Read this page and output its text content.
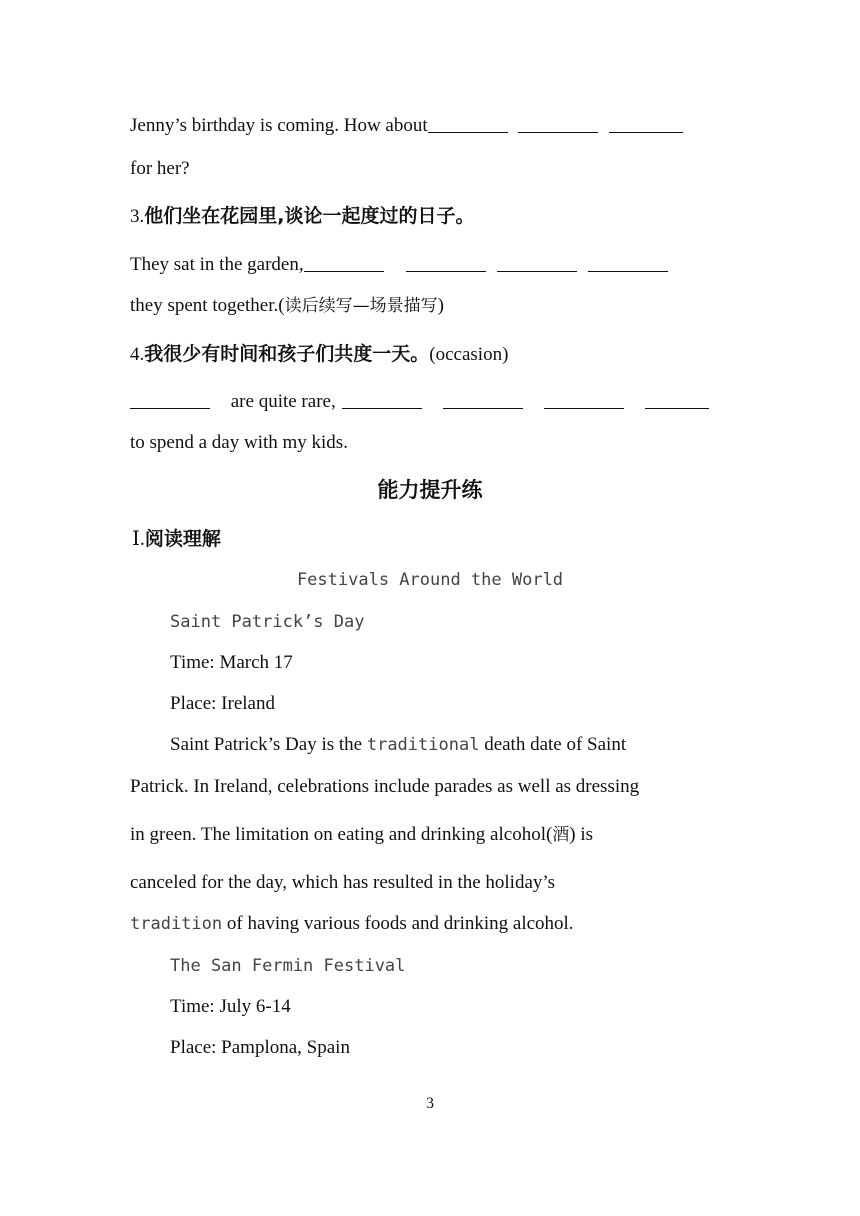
Jenny’s birthday is coming. How about
for her?
3.他们坐在花园里,谈论一起度过的日子。
They sat in the garden,
they spent together.(读后续写—场景描写)
4.我很少有时间和孩子们共度一天。(occasion)
are quite rare,
to spend a day with my kids.
能力提升练
Ⅰ.阅读理解
Festivals Around the World
Saint Patrick’s Day
Time: March 17
Place: Ireland
Saint Patrick’s Day is the traditional death date of Saint
Patrick. In Ireland, celebrations include parades as well as dressing
in green. The limitation on eating and drinking alcohol(酒) is
canceled for the day, which has resulted in the holiday’s
tradition of having various foods and drinking alcohol.
The San Fermin Festival
Time: July 6-14
Place: Pamplona, Spain
3
